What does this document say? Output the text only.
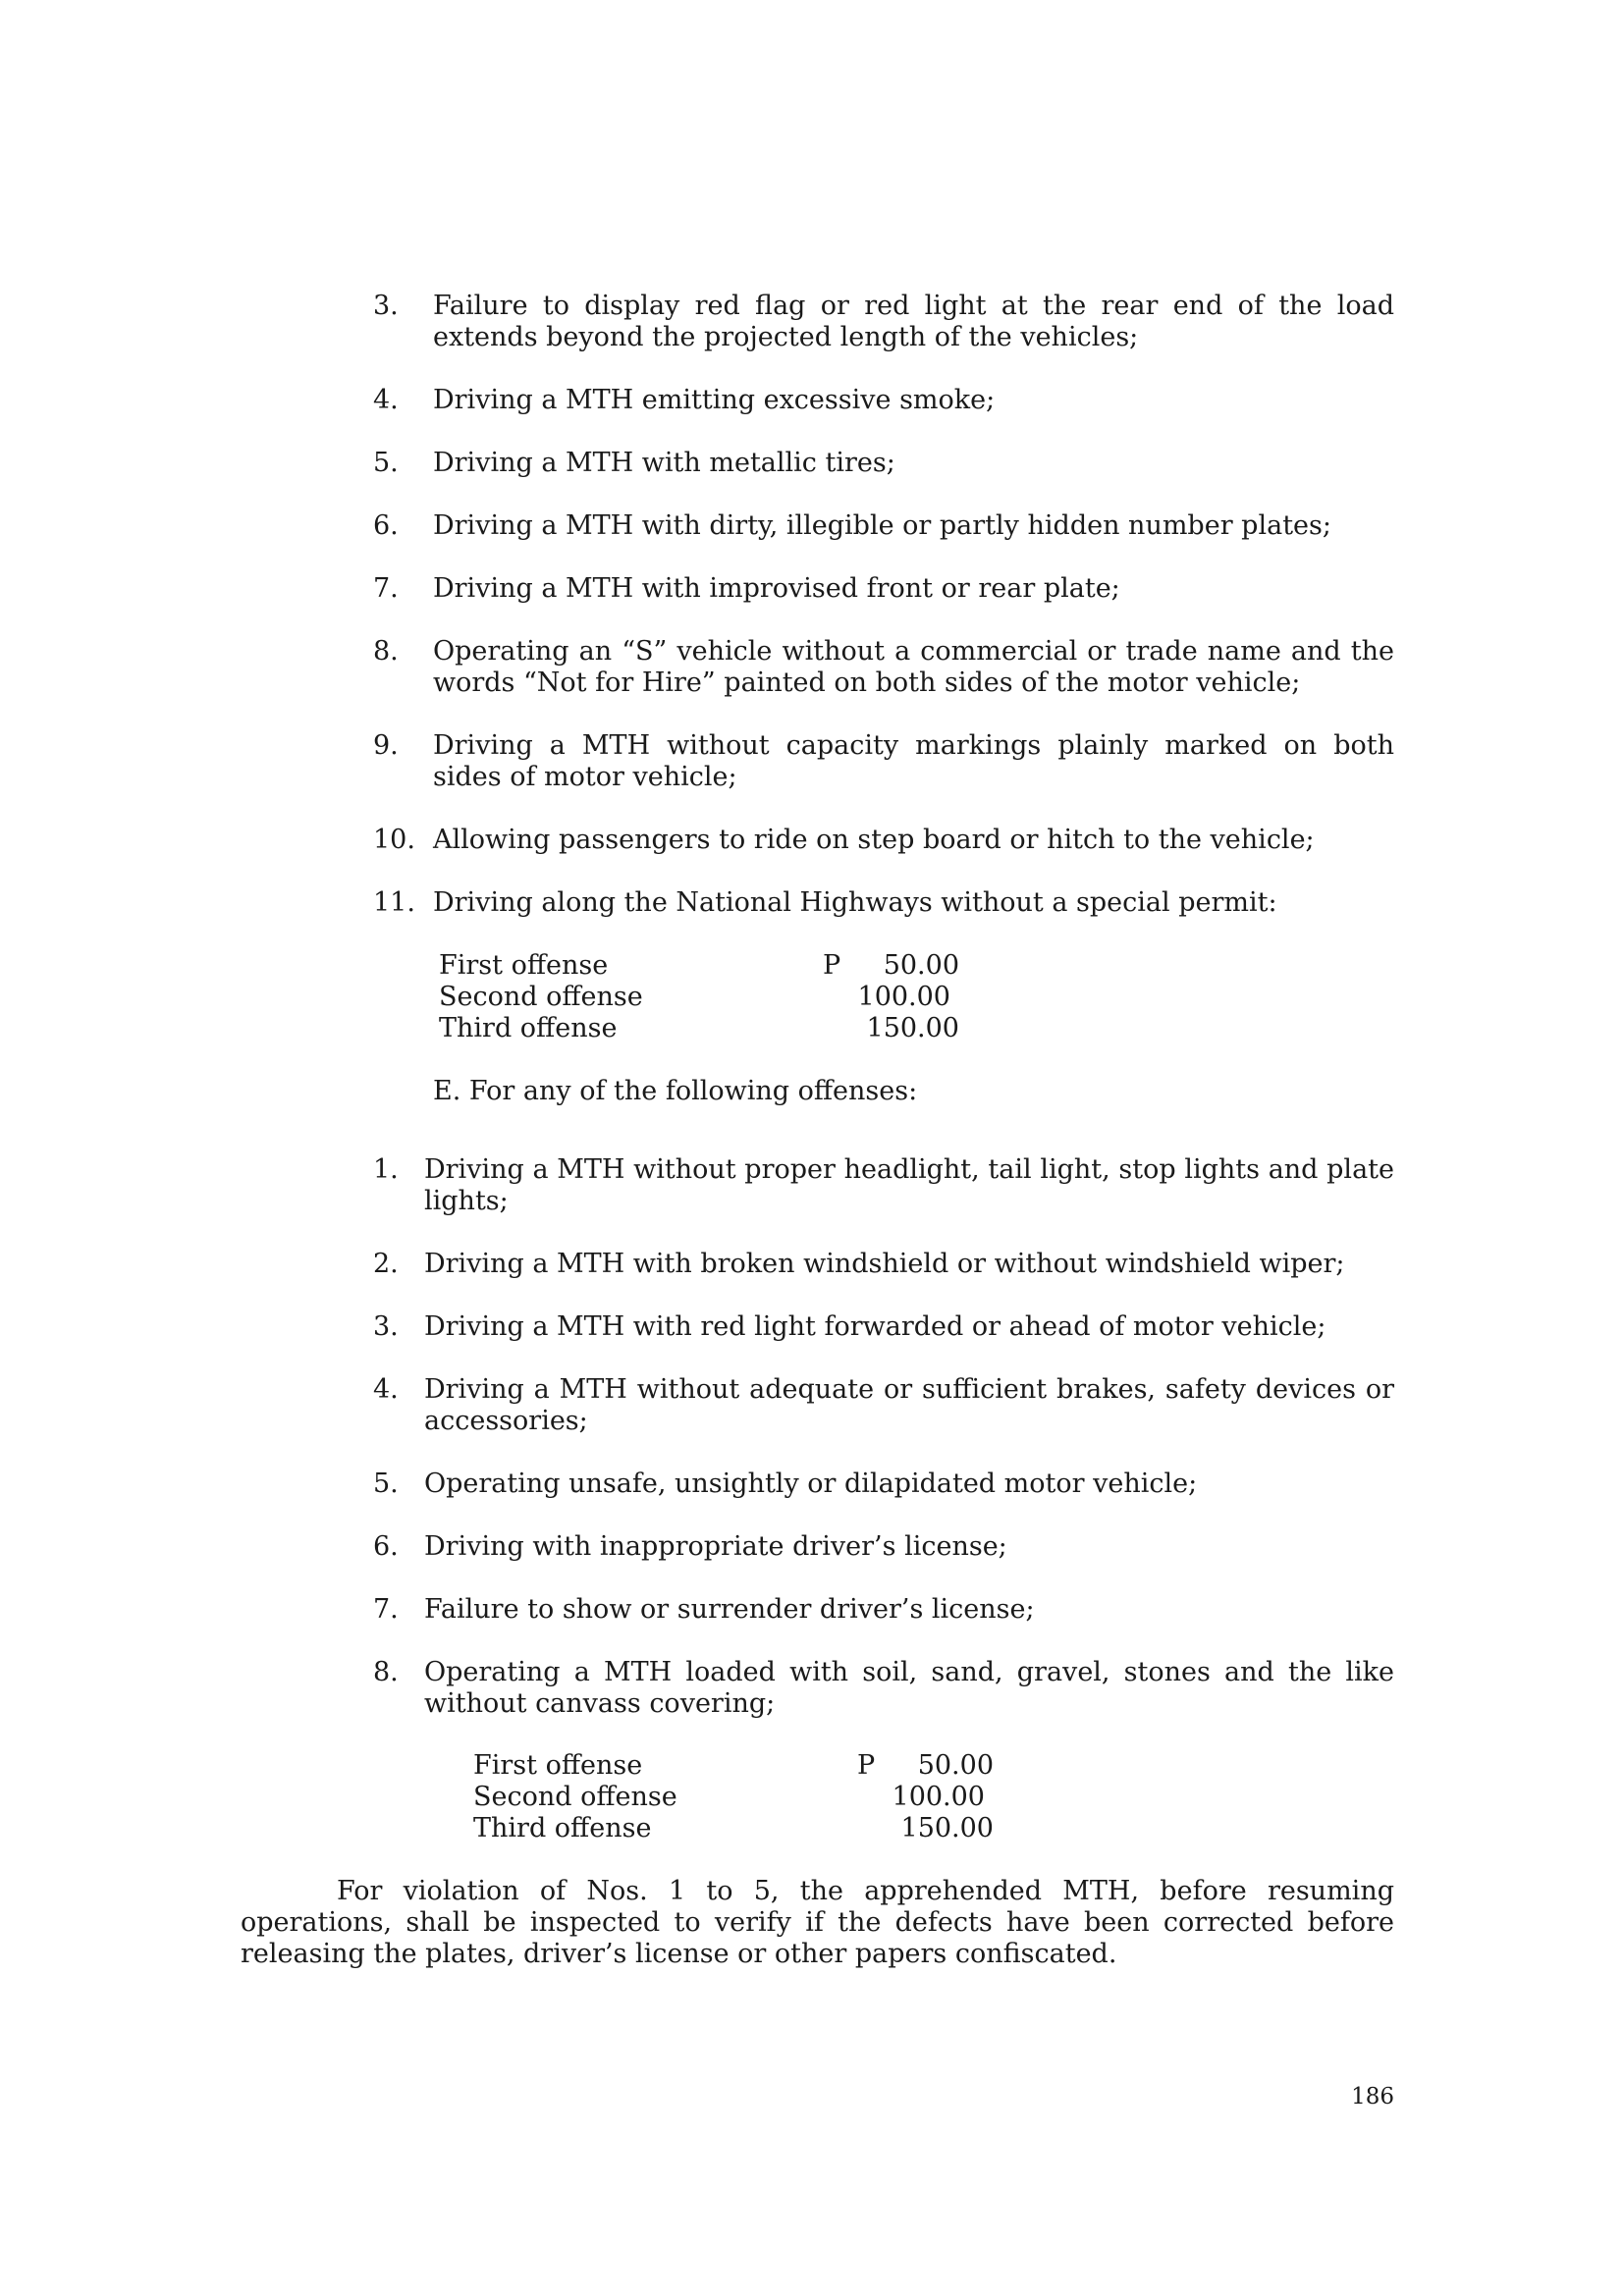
3.	Failure to display red flag or red light at the rear end of the load extends beyond the projected length of the vehicles;
4.	Driving a MTH emitting excessive smoke;
5.	Driving a MTH with metallic tires;
6.	Driving a MTH with dirty, illegible or partly hidden number plates;
7.	Driving a MTH with improvised front or rear plate;
8.	Operating an “S” vehicle without a commercial or trade name and the words “Not for Hire” painted on both sides of the motor vehicle;
9.	Driving a MTH without capacity markings plainly marked on both sides of motor vehicle;
10. Allowing passengers to ride on step board or hitch to the vehicle;
11. Driving along the National Highways without a special permit:
First offense	P 50.00
Second offense	100.00
Third offense	150.00
E. For any of the following offenses:
1. Driving a MTH without proper headlight, tail light, stop lights and plate lights;
2. Driving a MTH with broken windshield or without windshield wiper;
3. Driving a MTH with red light forwarded or ahead of motor vehicle;
4. Driving a MTH without adequate or sufficient brakes, safety devices or accessories;
5. Operating unsafe, unsightly or dilapidated motor vehicle;
6. Driving with inappropriate driver’s license;
7. Failure to show or surrender driver’s license;
8. Operating a MTH loaded with soil, sand, gravel, stones and the like without canvass covering;
First offense	P 50.00
Second offense	100.00
Third offense	150.00
For violation of Nos. 1 to 5, the apprehended MTH, before resuming operations, shall be inspected to verify if the defects have been corrected before releasing the plates, driver’s license or other papers confiscated.
186
